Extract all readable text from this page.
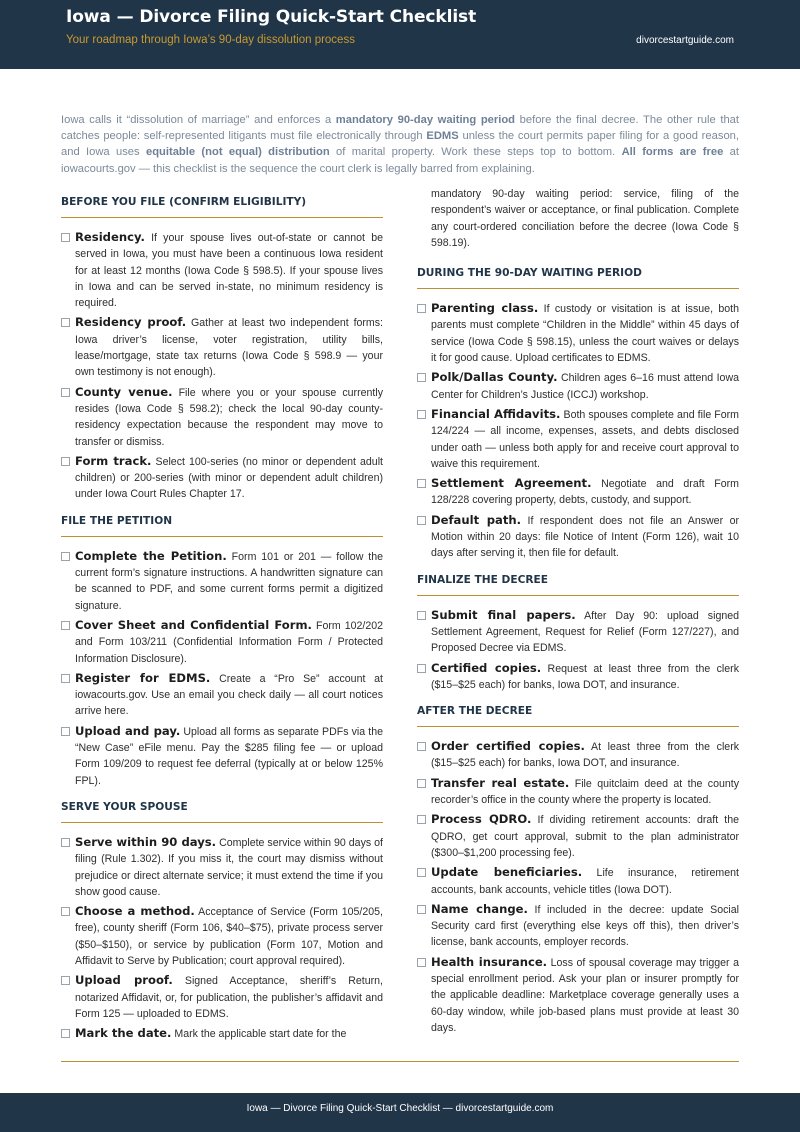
Iowa — Divorce Filing Quick-Start Checklist
Your roadmap through Iowa’s 90-day dissolution process	divorcestartguide.com
Iowa calls it “dissolution of marriage” and enforces a mandatory 90-day waiting period before the final decree. The other rule that catches people: self-represented litigants must file electronically through EDMS unless the court permits paper filing for a good reason, and Iowa uses equitable (not equal) distribution of marital property. Work these steps top to bottom. All forms are free at iowacourts.gov — this checklist is the sequence the court clerk is legally barred from explaining.
BEFORE YOU FILE (CONFIRM ELIGIBILITY)
Residency. If your spouse lives out-of-state or cannot be served in Iowa, you must have been a continuous Iowa resident for at least 12 months (Iowa Code § 598.5). If your spouse lives in Iowa and can be served in-state, no minimum residency is required.
Residency proof. Gather at least two independent forms: Iowa driver’s license, voter registration, utility bills, lease/mortgage, state tax returns (Iowa Code § 598.9 — your own testimony is not enough).
County venue. File where you or your spouse currently resides (Iowa Code § 598.2); check the local 90-day county-residency expectation because the respondent may move to transfer or dismiss.
Form track. Select 100-series (no minor or dependent adult children) or 200-series (with minor or dependent adult children) under Iowa Court Rules Chapter 17.
FILE THE PETITION
Complete the Petition. Form 101 or 201 — follow the current form’s signature instructions. A handwritten signature can be scanned to PDF, and some current forms permit a digitized signature.
Cover Sheet and Confidential Form. Form 102/202 and Form 103/211 (Confidential Information Form / Protected Information Disclosure).
Register for EDMS. Create a “Pro Se” account at iowacourts.gov. Use an email you check daily — all court notices arrive here.
Upload and pay. Upload all forms as separate PDFs via the “New Case” eFile menu. Pay the $285 filing fee — or upload Form 109/209 to request fee deferral (typically at or below 125% FPL).
SERVE YOUR SPOUSE
Serve within 90 days. Complete service within 90 days of filing (Rule 1.302). If you miss it, the court may dismiss without prejudice or direct alternate service; it must extend the time if you show good cause.
Choose a method. Acceptance of Service (Form 105/205, free), county sheriff (Form 106, $40–$75), private process server ($50–$150), or service by publication (Form 107, Motion and Affidavit to Serve by Publication; court approval required).
Upload proof. Signed Acceptance, sheriff’s Return, notarized Affidavit, or, for publication, the publisher’s affidavit and Form 125 — uploaded to EDMS.
Mark the date. Mark the applicable start date for the
mandatory 90-day waiting period: service, filing of the respondent’s waiver or acceptance, or final publication. Complete any court-ordered conciliation before the decree (Iowa Code § 598.19).
DURING THE 90-DAY WAITING PERIOD
Parenting class. If custody or visitation is at issue, both parents must complete “Children in the Middle” within 45 days of service (Iowa Code § 598.15), unless the court waives or delays it for good cause. Upload certificates to EDMS.
Polk/Dallas County. Children ages 6–16 must attend Iowa Center for Children’s Justice (ICCJ) workshop.
Financial Affidavits. Both spouses complete and file Form 124/224 — all income, expenses, assets, and debts disclosed under oath — unless both apply for and receive court approval to waive this requirement.
Settlement Agreement. Negotiate and draft Form 128/228 covering property, debts, custody, and support.
Default path. If respondent does not file an Answer or Motion within 20 days: file Notice of Intent (Form 126), wait 10 days after serving it, then file for default.
FINALIZE THE DECREE
Submit final papers. After Day 90: upload signed Settlement Agreement, Request for Relief (Form 127/227), and Proposed Decree via EDMS.
Certified copies. Request at least three from the clerk ($15–$25 each) for banks, Iowa DOT, and insurance.
AFTER THE DECREE
Order certified copies. At least three from the clerk ($15–$25 each) for banks, Iowa DOT, and insurance.
Transfer real estate. File quitclaim deed at the county recorder’s office in the county where the property is located.
Process QDRO. If dividing retirement accounts: draft the QDRO, get court approval, submit to the plan administrator ($300–$1,200 processing fee).
Update beneficiaries. Life insurance, retirement accounts, bank accounts, vehicle titles (Iowa DOT).
Name change. If included in the decree: update Social Security card first (everything else keys off this), then driver’s license, bank accounts, employer records.
Health insurance. Loss of spousal coverage may trigger a special enrollment period. Ask your plan or insurer promptly for the applicable deadline: Marketplace coverage generally uses a 60-day window, while job-based plans must provide at least 30 days.
Iowa — Divorce Filing Quick-Start Checklist — divorcestartguide.com
